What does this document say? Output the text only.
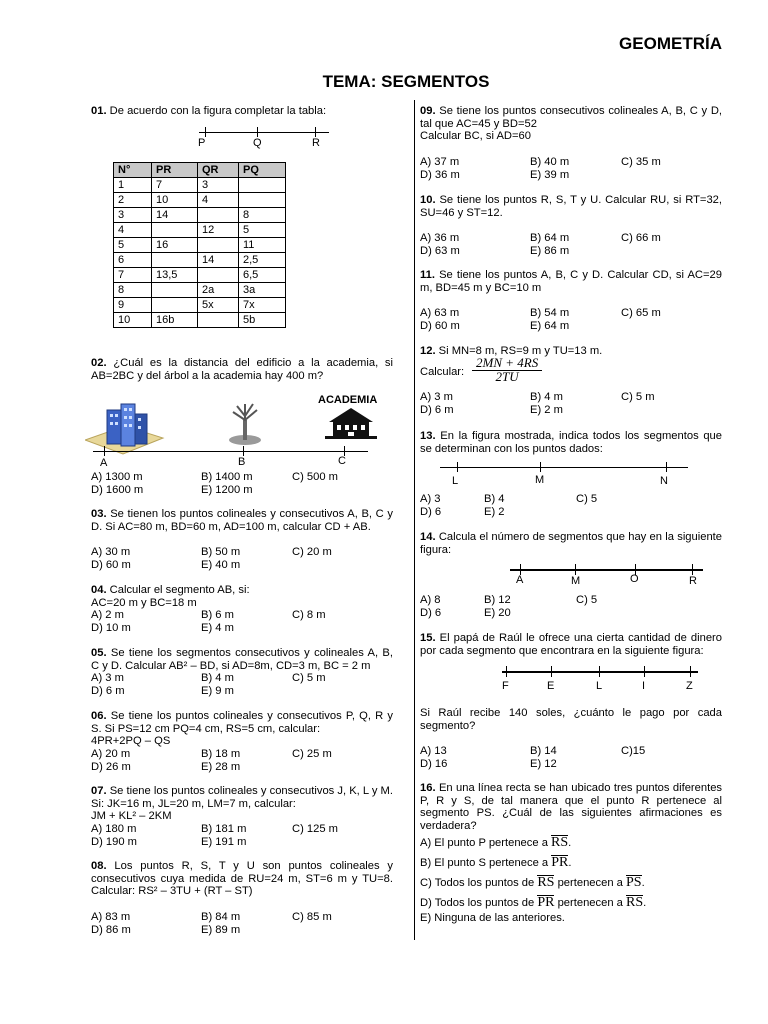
GEOMETRÍA
TEMA: SEGMENTOS
01. De acuerdo con la figura completar la tabla:
P	Q	R
N°	PR	QR	PQ
1	7	3	
2	10	4	
3	14		8
4		12	5
5	16		11
6		14	2,5
7	13,5		6,5
8		2a	3a
9		5x	7x
10	16b		5b
02. ¿Cuál es la distancia del edificio a la academia, si AB=2BC y del árbol a la academia hay 400 m?
ACADEMIA
A	B	C
A) 1300 m	B) 1400 m	C) 500 m
D) 1600 m	E) 1200 m
03. Se tienen los puntos colineales y consecutivos A, B, C y D. Si AC=80 m, BD=60 m, AD=100 m, calcular CD + AB.
A) 30 m	B) 50 m	C) 20 m
D) 60 m	E) 40 m
04. Calcular el segmento AB, si:
AC=20 m y BC=18 m
A) 2 m	B) 6 m	C) 8 m
D) 10 m	E) 4 m
05. Se tiene los segmentos consecutivos y colineales A, B, C y D. Calcular AB² – BD, si AD=8m, CD=3 m, BC = 2 m
A) 3 m	B) 4 m	C) 5 m
D) 6 m	E) 9 m
06. Se tiene los puntos colineales y consecutivos P, Q, R y S. Si PS=12 cm PQ=4 cm, RS=5 cm, calcular:
4PR+2PQ – QS
A) 20 m	B) 18 m	C) 25 m
D) 26 m	E) 28 m
07. Se tiene los puntos colineales y consecutivos J, K, L y M. Si: JK=16 m, JL=20 m, LM=7 m, calcular:
JM + KL² – 2KM
A) 180 m	B) 181 m	C) 125 m
D) 190 m	E) 191 m
08. Los puntos R, S, T y U son puntos colineales y consecutivos cuya medida de RU=24 m, ST=6 m y TU=8. Calcular: RS² – 3TU + (RT – ST)
A) 83 m	B) 84 m	C) 85 m
D) 86 m	E) 89 m
09. Se tiene los puntos consecutivos colineales A, B, C y D, tal que AC=45 y BD=52
Calcular BC, si AD=60
A) 37 m	B) 40 m	C) 35 m
D) 36 m	E) 39 m
10. Se tiene los puntos R, S, T y U. Calcular RU, si RT=32, SU=46 y ST=12.
A) 36 m	B) 64 m	C) 66 m
D) 63 m	E) 86 m
11. Se tiene los puntos A, B, C y D. Calcular CD, si AC=29 m, BD=45 m y BC=10 m
A) 63 m	B) 54 m	C) 65 m
D) 60 m	E) 64 m
12. Si MN=8 m, RS=9 m y TU=13 m.
Calcular: $\frac{2MN + 4RS}{2TU}$
A) 3 m	B) 4 m	C) 5 m
D) 6 m	E) 2 m
13. En la figura mostrada, indica todos los segmentos que se determinan con los puntos dados:
L	M	N
A) 3	B) 4	C) 5
D) 6	E) 2
14. Calcula el número de segmentos que hay en la siguiente figura:
A	M	O	R
A) 8	B) 12	C) 5
D) 6	E) 20
15. El papá de Raúl le ofrece una cierta cantidad de dinero por cada segmento que encontrara en la siguiente figura:
F	E	L	I	Z
Si Raúl recibe 140 soles, ¿cuánto le pago por cada segmento?
A) 13	B) 14	C)15
D) 16	E) 12
16. En una línea recta se han ubicado tres puntos diferentes P, R y S, de tal manera que el punto R pertenece al segmento PS. ¿Cuál de las siguientes afirmaciones es verdadera?
A) El punto P pertenece a RS.
B) El punto S pertenece a PR.
C) Todos los puntos de RS pertenecen a PS.
D) Todos los puntos de PR pertenecen a RS.
E) Ninguna de las anteriores.
